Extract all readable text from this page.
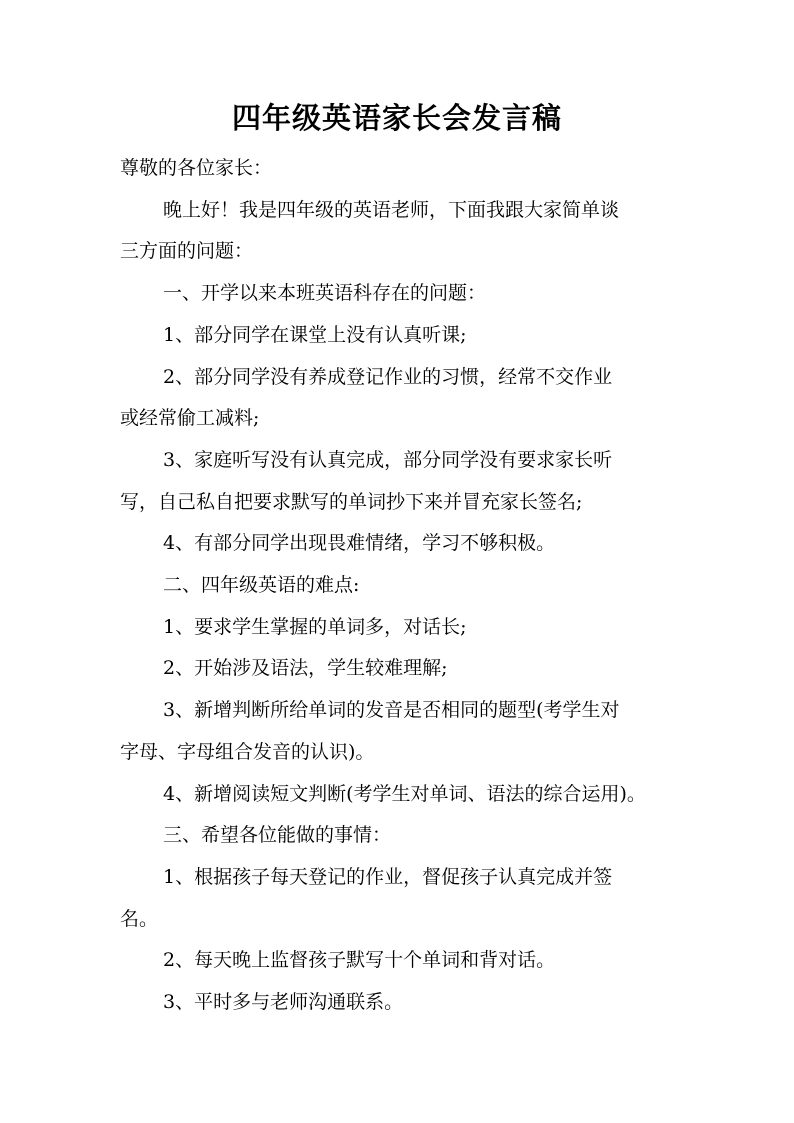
四年级英语家长会发言稿
尊敬的各位家长：
晚上好！我是四年级的英语老师，下面我跟大家简单谈
三方面的问题：
一、开学以来本班英语科存在的问题：
1、部分同学在课堂上没有认真听课;
2、部分同学没有养成登记作业的习惯，经常不交作业
或经常偷工减料;
3、家庭听写没有认真完成，部分同学没有要求家长听
写，自己私自把要求默写的单词抄下来并冒充家长签名;
4、有部分同学出现畏难情绪，学习不够积极。
二、四年级英语的难点:
1、要求学生掌握的单词多，对话长;
2、开始涉及语法，学生较难理解;
3、新增判断所给单词的发音是否相同的题型(考学生对
字母、字母组合发音的认识)。
4、新增阅读短文判断(考学生对单词、语法的综合运用)。
三、希望各位能做的事情：
1、根据孩子每天登记的作业，督促孩子认真完成并签
名。
2、每天晚上监督孩子默写十个单词和背对话。
3、平时多与老师沟通联系。
